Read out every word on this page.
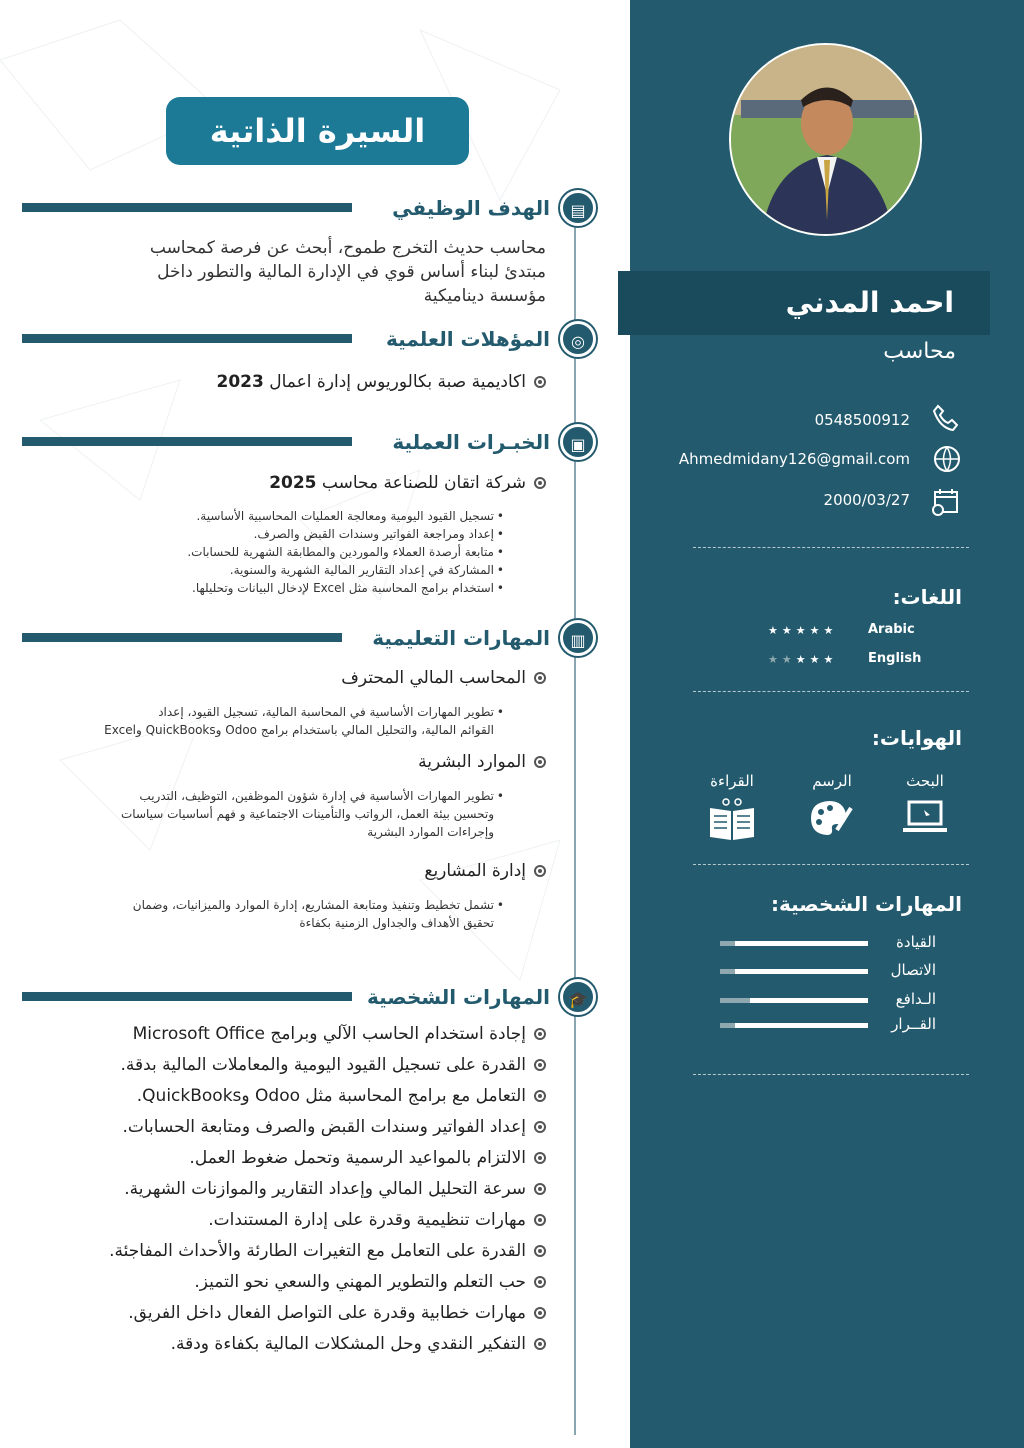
السيرة الذاتية
الهدف الوظيفي	▤
محاسب حديث التخرج طموح، أبحث عن فرصة كمحاسب
مبتدئ لبناء أساس قوي في الإدارة المالية والتطور داخل
مؤسسة ديناميكية
المؤهلات العلمية	◎
اكاديمية صبة بكالوريوس إدارة اعمال 2023
الخبـرات العملية	▣
شركة اتقان للصناعة محاسب 2025
• تسجيل القيود اليومية ومعالجة العمليات المحاسبية الأساسية.
• إعداد ومراجعة الفواتير وسندات القبض والصرف.
• متابعة أرصدة العملاء والموردين والمطابقة الشهرية للحسابات.
• المشاركة في إعداد التقارير المالية الشهرية والسنوية.
• استخدام برامج المحاسبة مثل Excel لإدخال البيانات وتحليلها.
المهارات التعليمية	▥
المحاسب المالي المحترف
• تطوير المهارات الأساسية في المحاسبة المالية، تسجيل القيود، إعداد
القوائم المالية، والتحليل المالي باستخدام برامج Odoo وQuickBooks وExcel
الموارد البشرية
• تطوير المهارات الأساسية في إدارة شؤون الموظفين، التوظيف، التدريب
وتحسين بيئة العمل، الرواتب والتأمينات الاجتماعية و فهم أساسيات سياسات
وإجراءات الموارد البشرية
إدارة المشاريع
• تشمل تخطيط وتنفيذ ومتابعة المشاريع، إدارة الموارد والميزانيات، وضمان
تحقيق الأهداف والجداول الزمنية بكفاءة
المهارات الشخصية	🎓
إجادة استخدام الحاسب الآلي وبرامج Microsoft Office
القدرة على تسجيل القيود اليومية والمعاملات المالية بدقة.
التعامل مع برامج المحاسبة مثل Odoo وQuickBooks.
إعداد الفواتير وسندات القبض والصرف ومتابعة الحسابات.
الالتزام بالمواعيد الرسمية وتحمل ضغوط العمل.
سرعة التحليل المالي وإعداد التقارير والموازنات الشهرية.
مهارات تنظيمية وقدرة على إدارة المستندات.
القدرة على التعامل مع التغيرات الطارئة والأحداث المفاجئة.
حب التعلم والتطوير المهني والسعي نحو التميز.
مهارات خطابية وقدرة على التواصل الفعال داخل الفريق.
التفكير النقدي وحل المشكلات المالية بكفاءة ودقة.
احمد المدني
محاسب
0548500912
Ahmedmidany126@gmail.com
2000/03/27
اللغات:
Arabic
★★★★★
English
★★★★★
الهوايات:
البحث
الرسم
القراءة
المهارات الشخصية:
القيادة
الاتصال
الـدافع
القــرار
